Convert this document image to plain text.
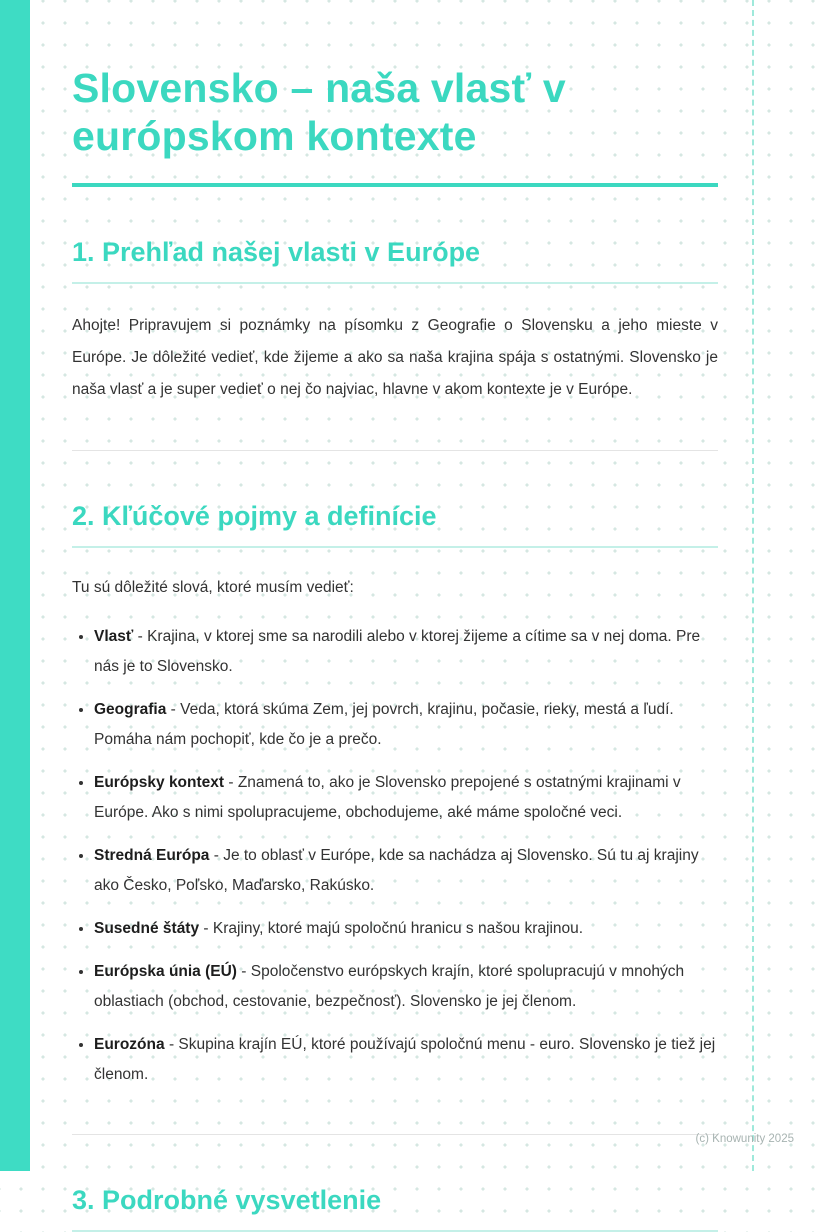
Slovensko – naša vlasť v európskom kontexte
1. Prehľad našej vlasti v Európe

Ahojte! Pripravujem si poznámky na písomku z Geografie o Slovensku a jeho mieste v Európe. Je dôležité vedieť, kde žijeme a ako sa naša krajina spája s ostatnými. Slovensko je naša vlasť a je super vedieť o nej čo najviac, hlavne v akom kontexte je v Európe.

2. Kľúčové pojmy a definície

Tu sú dôležité slová, ktoré musím vedieť:

• Vlasť - Krajina, v ktorej sme sa narodili alebo v ktorej žijeme a cítime sa v nej doma. Pre nás je to Slovensko.
• Geografia - Veda, ktorá skúma Zem, jej povrch, krajinu, počasie, rieky, mestá a ľudí. Pomáha nám pochopiť, kde čo je a prečo.
• Európsky kontext - Znamená to, ako je Slovensko prepojené s ostatnými krajinami v Európe. Ako s nimi spolupracujeme, obchodujeme, aké máme spoločné veci.
• Stredná Európa - Je to oblasť v Európe, kde sa nachádza aj Slovensko. Sú tu aj krajiny ako Česko, Poľsko, Maďarsko, Rakúsko.
• Susedné štáty - Krajiny, ktoré majú spoločnú hranicu s našou krajinou.
• Európska únia (EÚ) - Spoločenstvo európskych krajín, ktoré spolupracujú v mnohých oblastiach (obchod, cestovanie, bezpečnosť). Slovensko je jej členom.
• Eurozóna - Skupina krajín EÚ, ktoré používajú spoločnú menu - euro. Slovensko je tiež jej členom.
3. Podrobné vysvetlenie
(c) Knowunity 2025
